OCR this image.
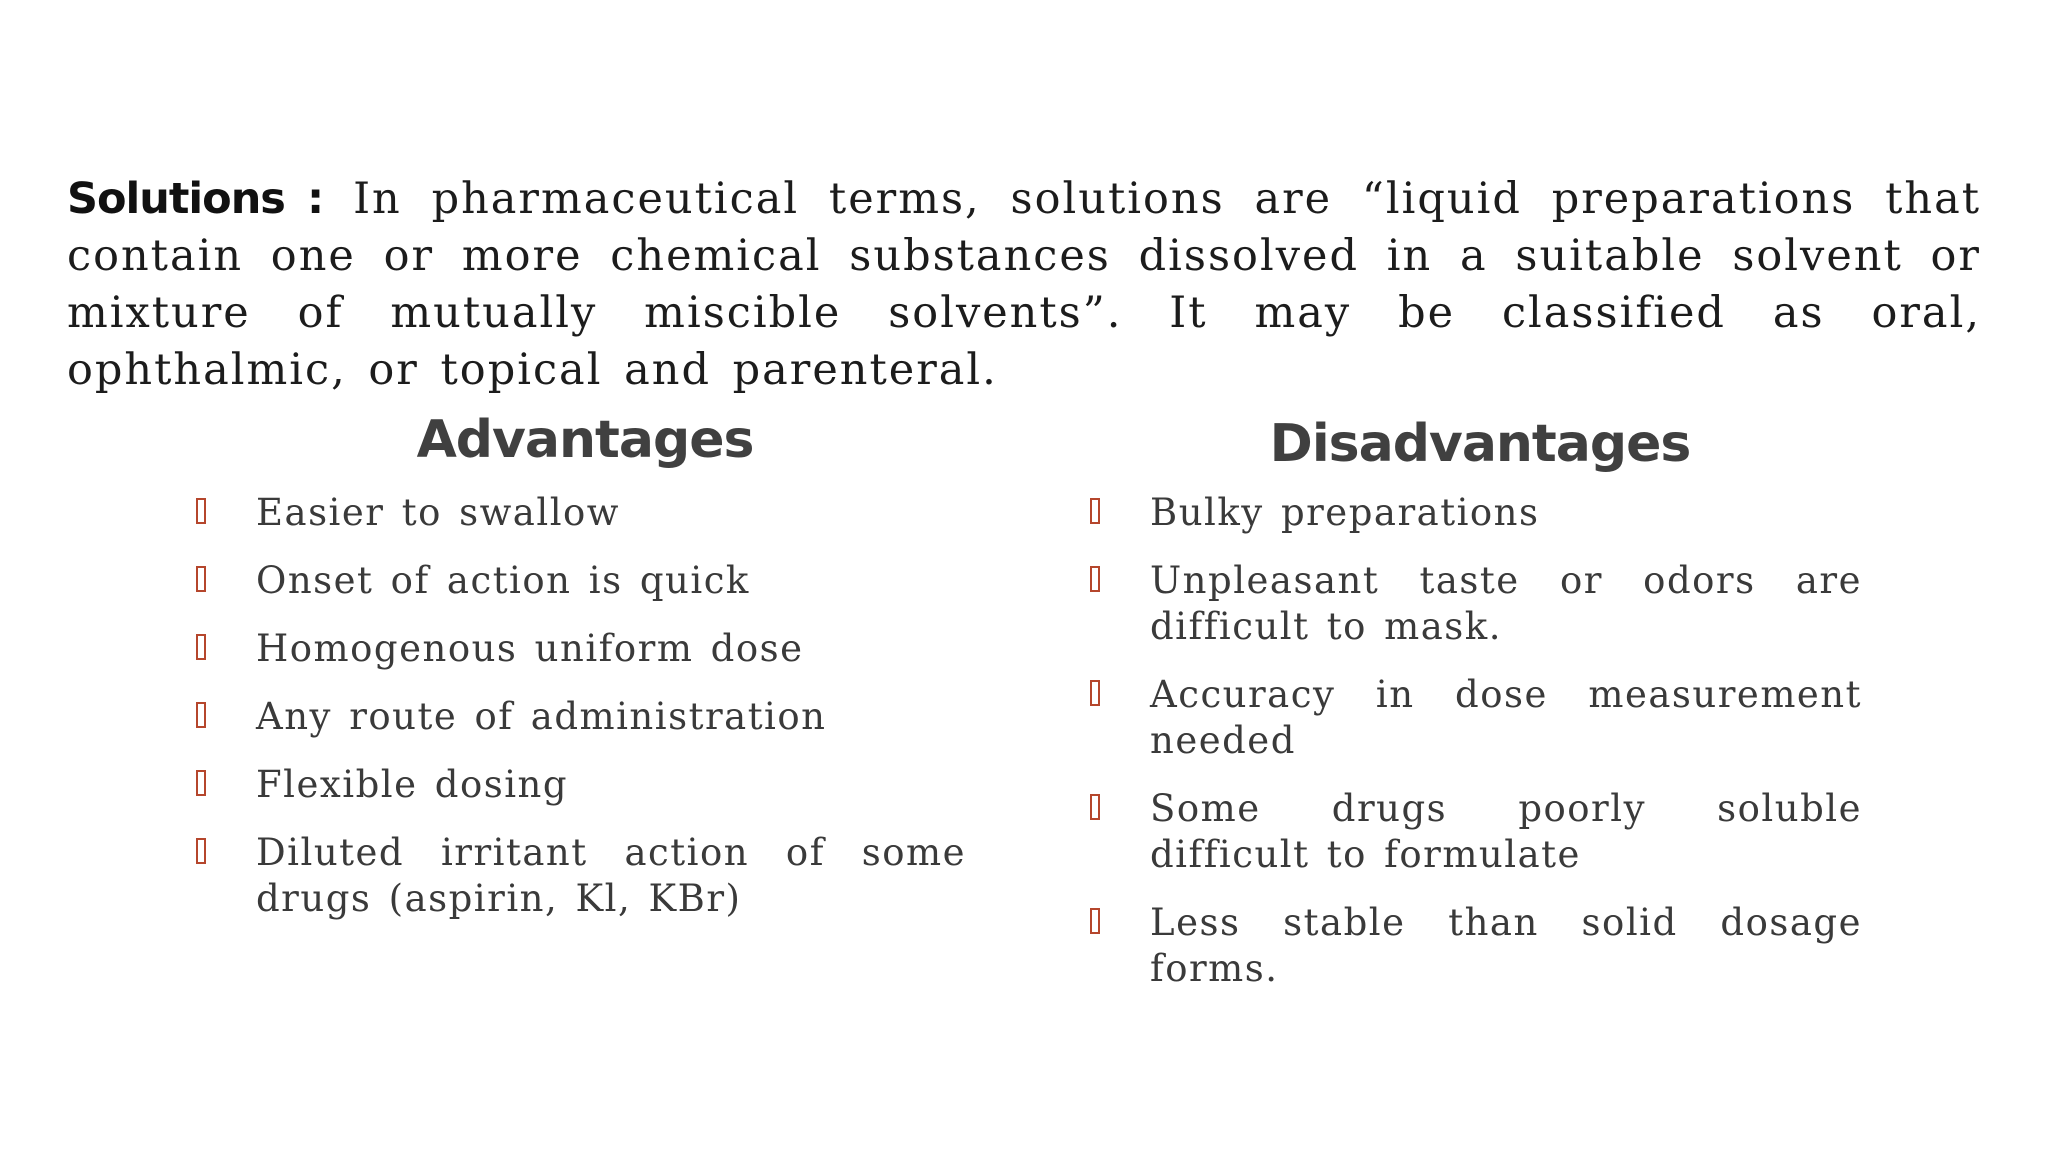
Solutions : In pharmaceutical terms, solutions are “liquid preparations that contain one or more chemical substances dissolved in a suitable solvent or mixture of mutually miscible solvents”. It may be classified as oral, ophthalmic, or topical and parenteral.

Advantages
Easier to swallow
Onset of action is quick
Homogenous uniform dose
Any route of administration
Flexible dosing
Diluted irritant action of some drugs (aspirin, Kl, KBr)
Disadvantages
Bulky preparations
Unpleasant taste or odors are difficult to mask.
Accuracy in dose measurement needed
Some drugs poorly soluble difficult to formulate
Less stable than solid dosage forms.
